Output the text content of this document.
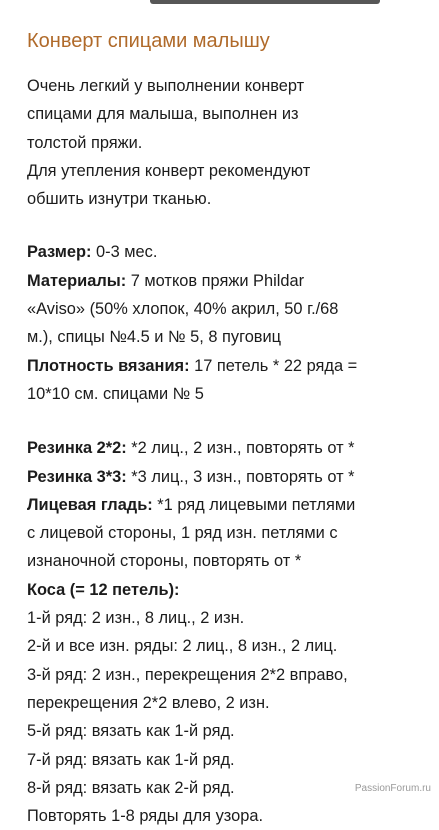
Конверт спицами малышу
Очень легкий у выполнении конверт
спицами для малыша, выполнен из
толстой пряжи.
Для утепления конверт рекомендуют
обшить изнутри тканью.
Размер: 0-3 мес.
Материалы: 7 мотков пряжи Phildar
«Aviso» (50% хлопок, 40% акрил, 50 г./68
м.), спицы №4.5 и № 5, 8 пуговиц
Плотность вязания: 17 петель * 22 ряда =
10*10 см. спицами № 5
Резинка 2*2: *2 лиц., 2 изн., повторять от *
Резинка 3*3: *3 лиц., 3 изн., повторять от *
Лицевая гладь: *1 ряд лицевыми петлями
с лицевой стороны, 1 ряд изн. петлями с
изнаночной стороны, повторять от *
Коса (= 12 петель):
1-й ряд: 2 изн., 8 лиц., 2 изн.
2-й и все изн. ряды: 2 лиц., 8 изн., 2 лиц.
3-й ряд: 2 изн., перекрещения 2*2 вправо,
перекрещения 2*2 влево, 2 изн.
5-й ряд: вязать как 1-й ряд.
7-й ряд: вязать как 1-й ряд.
8-й ряд: вязать как 2-й ряд.
Повторять 1-8 ряды для узора.
PassionForum.ru
